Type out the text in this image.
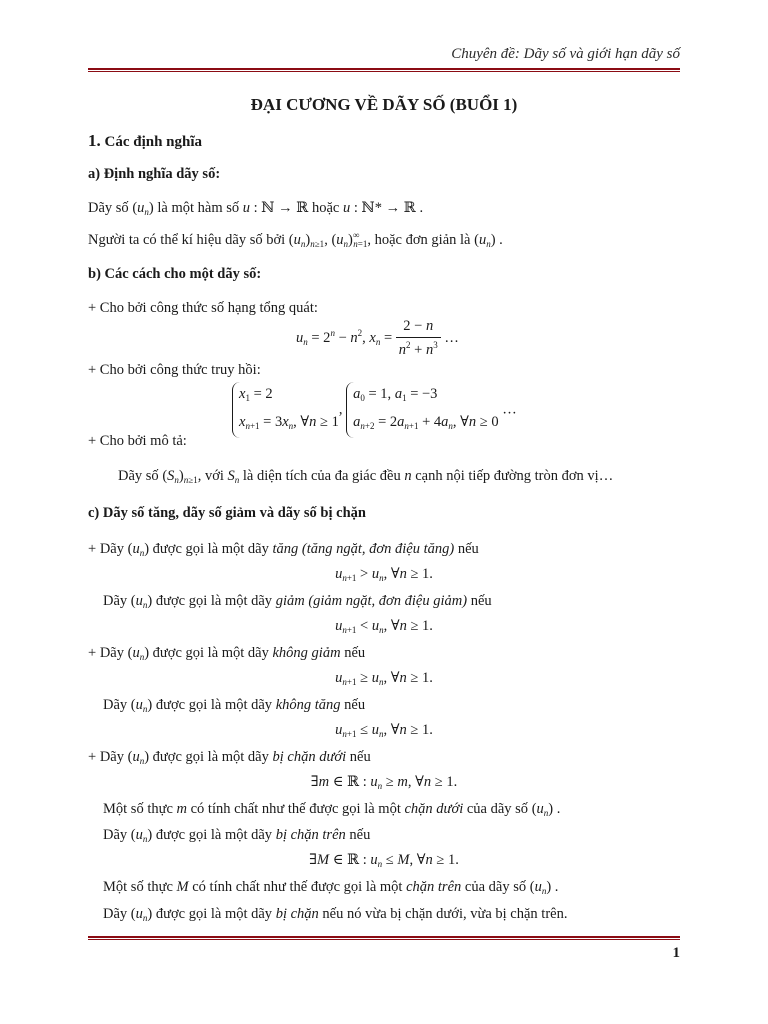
Chuyên đề: Dãy số và giới hạn dãy số
ĐẠI CƯƠNG VỀ DÃY SỐ (BUỔI 1)
1. Các định nghĩa
a) Định nghĩa dãy số:
Dãy số $(u_n)$ là một hàm số u : ℕ → ℝ hoặc u : ℕ* → ℝ .
Người ta có thể kí hiệu dãy số bởi $(u_n)_{n\ge 1}$, $(u_n)^\infty_{n=1}$, hoặc đơn giản là $(u_n)$ .
b) Các cách cho một dãy số:
+ Cho bởi công thức số hạng tổng quát:
$u_n = 2^n - n^2$, $x_n = \frac{2 - n}{n^2 + n^3}$ …
+ Cho bởi công thức truy hồi:
$x_1 = 2$
$x_{n+1} = 3x_n$, ∀n ≥ 1, $a_0 = 1$, $a_1 = -3$
$a_{n+2} = 2a_{n+1} + 4a_n$, ∀n ≥ 0 …
+ Cho bởi mô tả:
Dãy số $(S_n)_{n\ge 1}$, với $S_n$ là diện tích của đa giác đều n cạnh nội tiếp đường tròn đơn vị…
c) Dãy số tăng, dãy số giảm và dãy số bị chặn
+ Dãy $(u_n)$ được gọi là một dãy tăng (tăng ngặt, đơn điệu tăng) nếu
$u_{n+1} > u_n$, ∀n ≥ 1.
Dãy $(u_n)$ được gọi là một dãy giảm (giảm ngặt, đơn điệu giảm) nếu
$u_{n+1} < u_n$, ∀n ≥ 1.
+ Dãy $(u_n)$ được gọi là một dãy không giảm nếu
$u_{n+1} \ge u_n$, ∀n ≥ 1.
Dãy $(u_n)$ được gọi là một dãy không tăng nếu
$u_{n+1} \le u_n$, ∀n ≥ 1.
+ Dãy $(u_n)$ được gọi là một dãy bị chặn dưới nếu
∃m ∈ ℝ : $u_n \ge m$, ∀n ≥ 1.
Một số thực m có tính chất như thế được gọi là một chặn dưới của dãy số $(u_n)$ .
Dãy $(u_n)$ được gọi là một dãy bị chặn trên nếu
∃M ∈ ℝ : $u_n \le M$, ∀n ≥ 1.
Một số thực M có tính chất như thế được gọi là một chặn trên của dãy số $(u_n)$ .
Dãy $(u_n)$ được gọi là một dãy bị chặn nếu nó vừa bị chặn dưới, vừa bị chặn trên.
1
